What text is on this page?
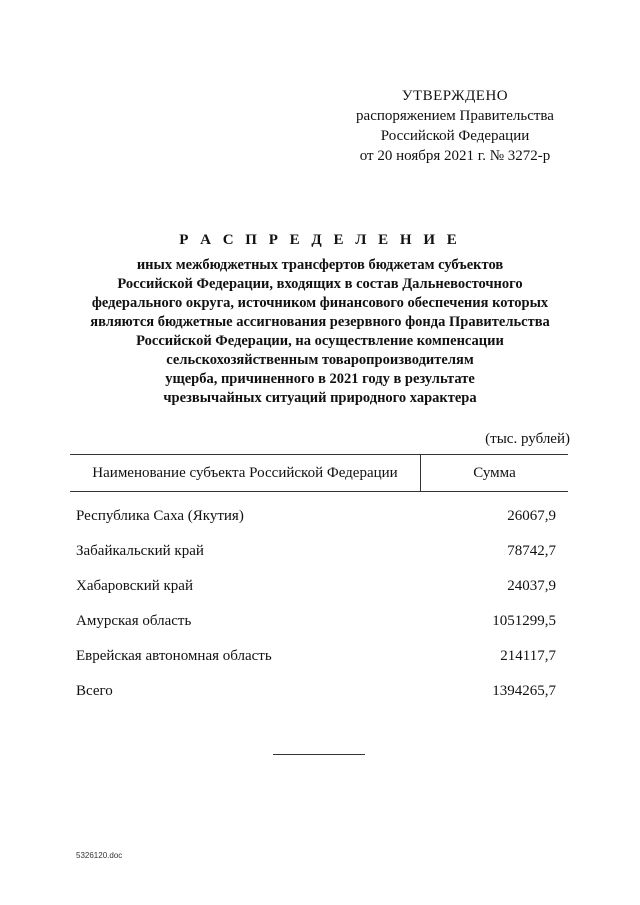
УТВЕРЖДЕНО
распоряжением Правительства
Российской Федерации
от 20 ноября 2021 г. № 3272-р
Р А С П Р Е Д Е Л Е Н И Е
иных межбюджетных трансфертов бюджетам субъектов
Российской Федерации, входящих в состав Дальневосточного
федерального округа, источником финансового обеспечения которых
являются бюджетные ассигнования резервного фонда Правительства
Российской Федерации, на осуществление компенсации
сельскохозяйственным товаропроизводителям
ущерба, причиненного в 2021 году в результате
чрезвычайных ситуаций природного характера
(тыс. рублей)
Наименование субъекта Российской Федерации	Сумма
Республика Саха (Якутия)	26067,9
Забайкальский край	78742,7
Хабаровский край	24037,9
Амурская область	1051299,5
Еврейская автономная область	214117,7
Всего	1394265,7
5326120.doc
